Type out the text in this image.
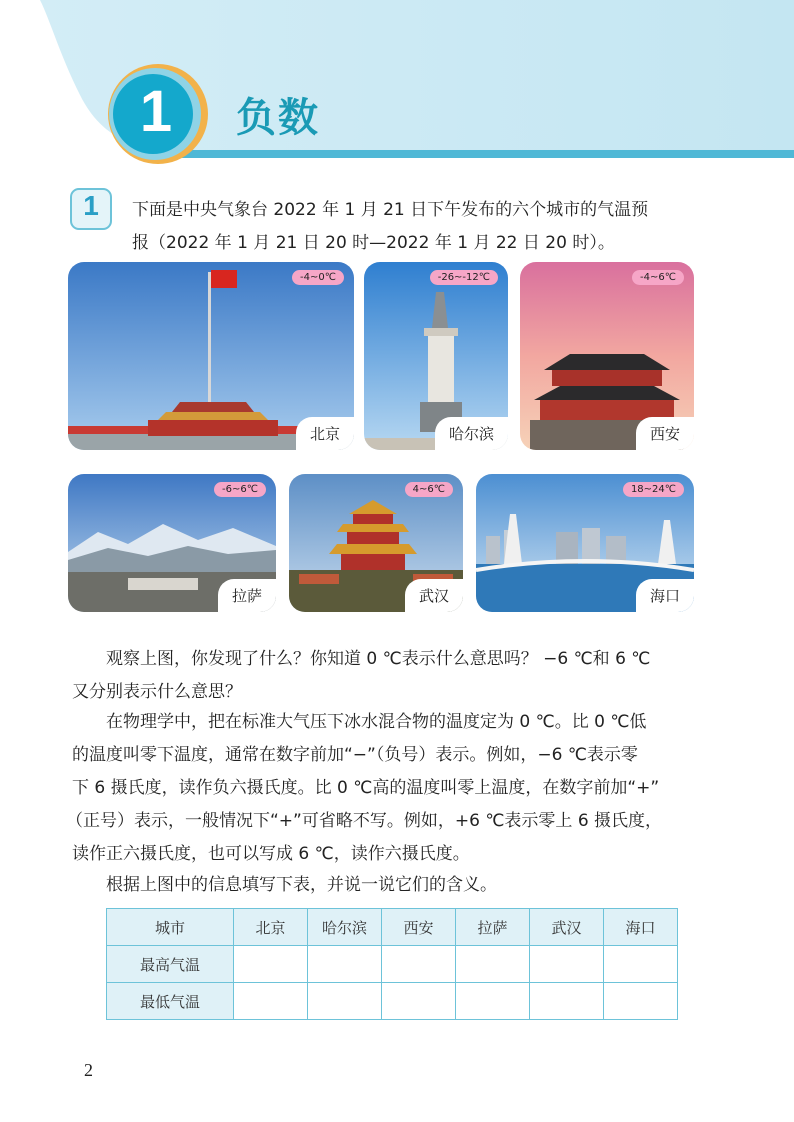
1	负数
1	下面是中央气象台 2022 年 1 月 21 日下午发布的六个城市的气温预
报（2022 年 1 月 21 日 20 时—2022 年 1 月 22 日 20 时）。
-4~0℃
北京
-26~-12℃
哈尔滨
-4~6℃
西安
-6~6℃
拉萨
4~6℃
武汉
18~24℃
海口
观察上图，你发现了什么？你知道 0 ℃表示什么意思吗？ −6 ℃和 6 ℃
又分别表示什么意思？
在物理学中，把在标准大气压下冰水混合物的温度定为 0 ℃。比 0 ℃低
的温度叫零下温度，通常在数字前加“−”（负号）表示。例如，−6 ℃表示零
下 6 摄氏度，读作负六摄氏度。比 0 ℃高的温度叫零上温度，在数字前加“+”
（正号）表示，一般情况下“+”可省略不写。例如，+6 ℃表示零上 6 摄氏度，
读作正六摄氏度，也可以写成 6 ℃，读作六摄氏度。
根据上图中的信息填写下表，并说一说它们的含义。
城市	北京	哈尔滨	西安	拉萨	武汉	海口
最高气温						
最低气温						
2
